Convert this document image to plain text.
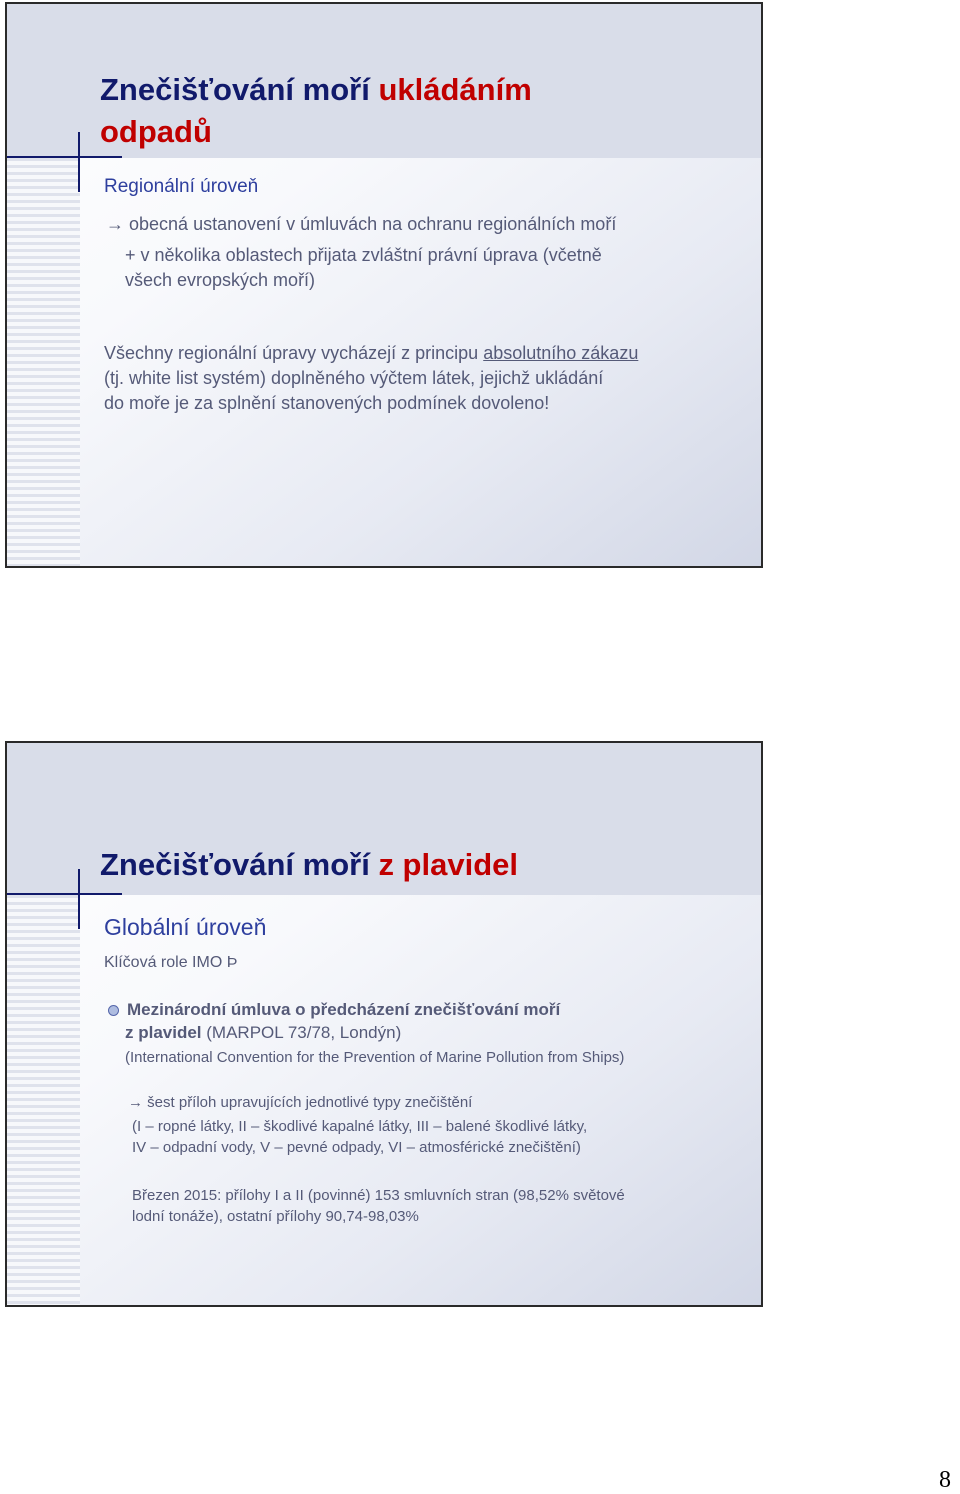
Znečišťování moří ukládáním
odpadů
Regionální úroveň
→ obecná ustanovení v úmluvách na ochranu regionálních moří
+ v několika oblastech přijata zvláštní právní úprava (včetně
všech evropských moří)
Všechny regionální úpravy vycházejí z principu absolutního zákazu
(tj. white list systém) doplněného výčtem látek, jejichž ukládání
do moře je za splnění stanovených podmínek dovoleno!
Znečišťování moří z plavidel
Globální úroveň
Klíčová role IMO Þ
Mezinárodní úmluva o předcházení znečišťování moří
z plavidel (MARPOL 73/78, Londýn)
(International Convention for the Prevention of Marine Pollution from Ships)
→ šest příloh upravujících jednotlivé typy znečištění
(I – ropné látky, II – škodlivé kapalné látky, III – balené škodlivé látky,
IV – odpadní vody, V – pevné odpady, VI – atmosférické znečištění)
Březen 2015: přílohy I a II (povinné) 153 smluvních stran (98,52% světové
lodní tonáže), ostatní přílohy 90,74-98,03%
8
